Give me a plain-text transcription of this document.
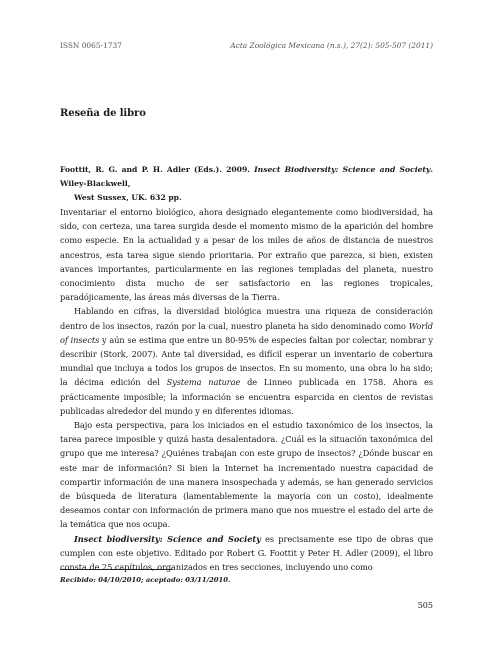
ISSN 0065-1737	Acta Zoológica Mexicana (n.s.), 27(2): 505-507 (2011)
Reseña de libro
Foottit, R. G. and P. H. Adler (Eds.). 2009. Insect Biodiversity: Science and Society. Wiley-Blackwell,
West Sussex, UK. 632 pp.

Inventariar el entorno biológico, ahora designado elegantemente como biodiversidad, ha sido, con certeza, una tarea surgida desde el momento mismo de la aparición del hombre como especie. En la actualidad y a pesar de los miles de años de distancia de nuestros ancestros, esta tarea sigue siendo prioritaria. Por extraño que parezca, si bien, existen avances importantes, particularmente en las regiones templadas del planeta, nuestro conocimiento dista mucho de ser satisfactorio en las regiones tropicales, paradójicamente, las áreas más diversas de la Tierra.

Hablando en cifras, la diversidad biológica muestra una riqueza de consideración dentro de los insectos, razón por la cual, nuestro planeta ha sido denominado como World of insects y aún se estima que entre un 80-95% de especies faltan por colectar, nombrar y describir (Stork, 2007). Ante tal diversidad, es difícil esperar un inventario de cobertura mundial que incluya a todos los grupos de insectos. En su momento, una obra lo ha sido; la décima edición del Systema naturae de Linneo publicada en 1758. Ahora es prácticamente imposible; la información se encuentra esparcida en cientos de revistas publicadas alrededor del mundo y en diferentes idiomas.

Bajo esta perspectiva, para los iniciados en el estudio taxonómico de los insectos, la tarea parece imposible y quizá hasta desalentadora. ¿Cuál es la situación taxonómica del grupo que me interesa? ¿Quiénes trabajan con este grupo de insectos? ¿Dónde buscar en este mar de información? Si bien la Internet ha incrementado nuestra capacidad de compartir información de una manera insospechada y además, se han generado servicios de búsqueda de literatura (lamentablemente la mayoría con un costo), idealmente deseamos contar con información de primera mano que nos muestre el estado del arte de la temática que nos ocupa.

Insect biodiversity: Science and Society es precisamente ese tipo de obras que cumplen con este objetivo. Editado por Robert G. Foottit y Peter H. Adler (2009), el libro consta de 25 capítulos, organizados en tres secciones, incluyendo uno como

Recibido: 04/10/2010; aceptado: 03/11/2010.
505
